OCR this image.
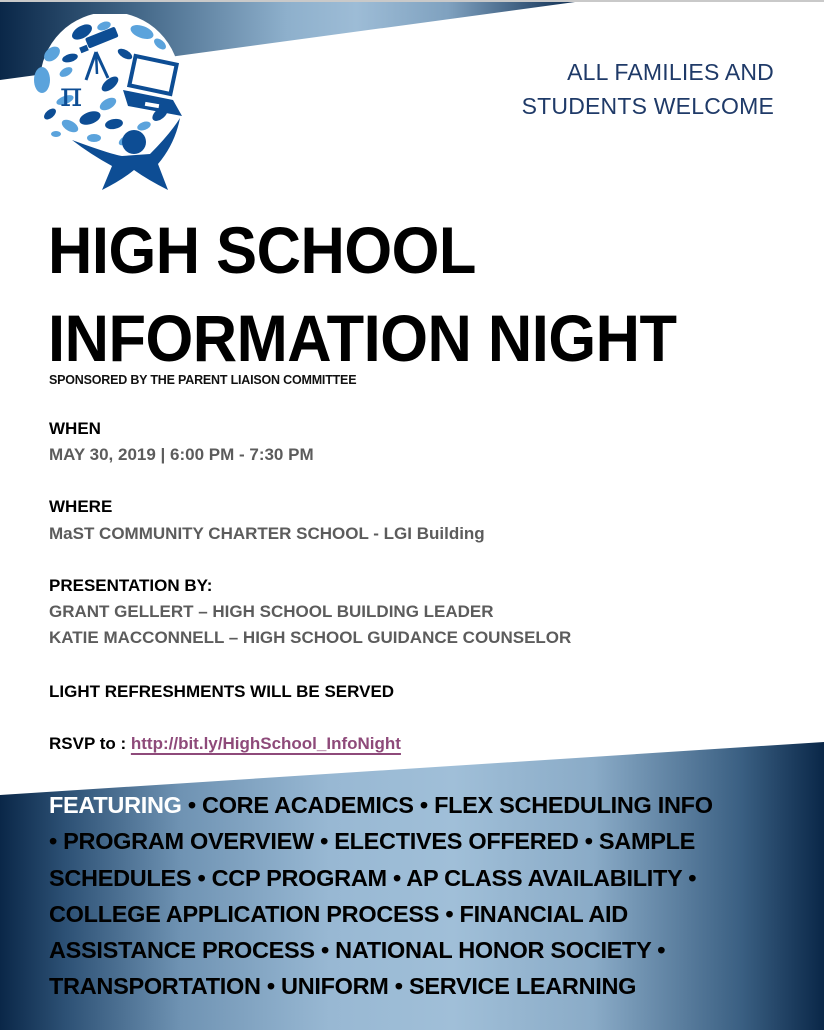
π
ALL FAMILIES AND
STUDENTS WELCOME
HIGH SCHOOL
INFORMATION NIGHT
SPONSORED BY THE PARENT LIAISON COMMITTEE
WHEN
MAY 30, 2019 | 6:00 PM - 7:30 PM
WHERE
MaST COMMUNITY CHARTER SCHOOL - LGI Building
PRESENTATION BY:
GRANT GELLERT – HIGH SCHOOL BUILDING LEADER
KATIE MACCONNELL – HIGH SCHOOL GUIDANCE COUNSELOR
LIGHT REFRESHMENTS WILL BE SERVED
RSVP to : http://bit.ly/HighSchool_InfoNight
FEATURING • CORE ACADEMICS • FLEX SCHEDULING INFO
• PROGRAM OVERVIEW • ELECTIVES OFFERED • SAMPLE
SCHEDULES • CCP PROGRAM • AP CLASS AVAILABILITY •
COLLEGE APPLICATION PROCESS • FINANCIAL AID
ASSISTANCE PROCESS • NATIONAL HONOR SOCIETY •
TRANSPORTATION • UNIFORM • SERVICE LEARNING
